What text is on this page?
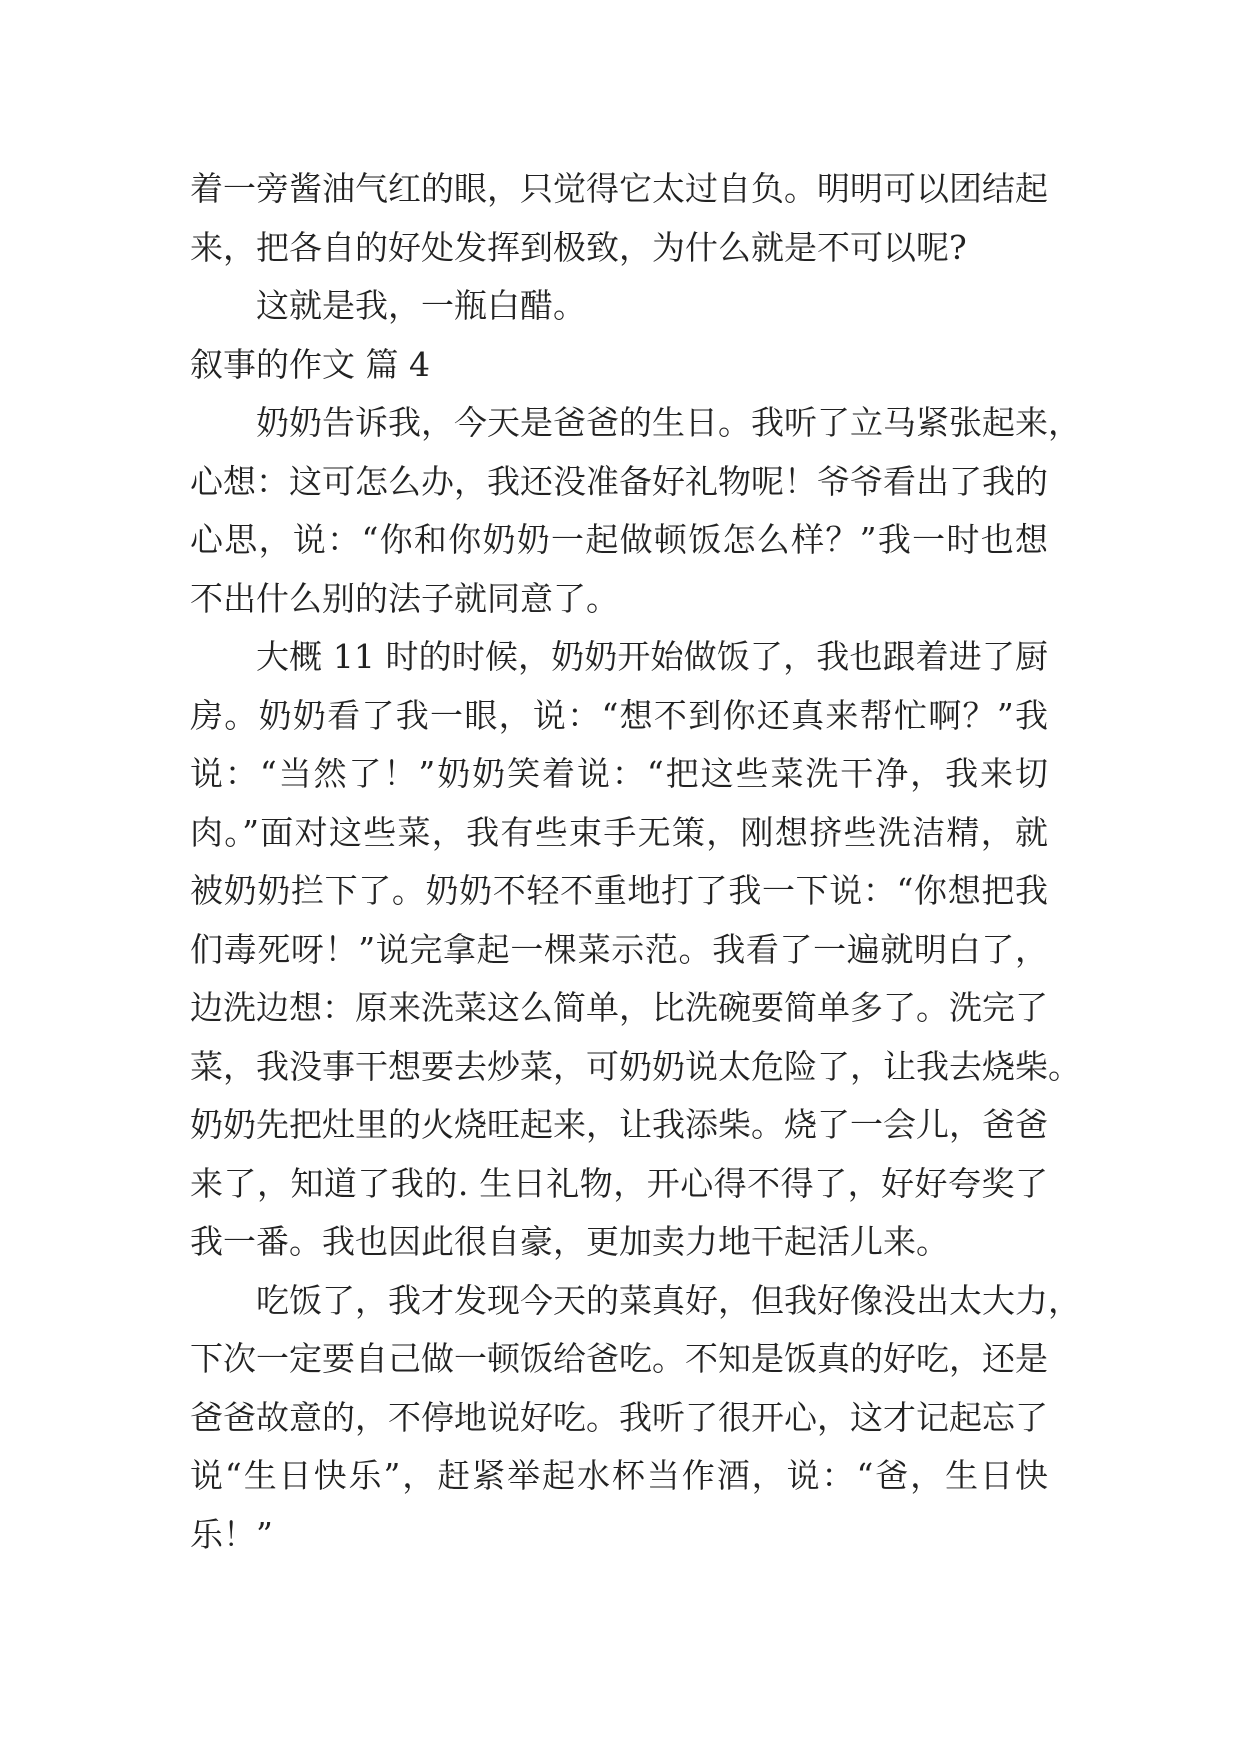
着一旁酱油气红的眼，只觉得它太过自负。明明可以团结起
来，把各自的好处发挥到极致，为什么就是不可以呢?
这就是我，一瓶白醋。
叙事的作文 篇 4
奶奶告诉我，今天是爸爸的生日。我听了立马紧张起来，
心想：这可怎么办，我还没准备好礼物呢！爷爷看出了我的
心思，说：“你和你奶奶一起做顿饭怎么样？”我一时也想
不出什么别的法子就同意了。
大概 11 时的时候，奶奶开始做饭了，我也跟着进了厨
房。奶奶看了我一眼，说：“想不到你还真来帮忙啊？”我
说：“当然了！”奶奶笑着说：“把这些菜洗干净，我来切
肉。”面对这些菜，我有些束手无策，刚想挤些洗洁精，就
被奶奶拦下了。奶奶不轻不重地打了我一下说：“你想把我
们毒死呀！”说完拿起一棵菜示范。我看了一遍就明白了，
边洗边想：原来洗菜这么简单，比洗碗要简单多了。洗完了
菜，我没事干想要去炒菜，可奶奶说太危险了，让我去烧柴。
奶奶先把灶里的火烧旺起来，让我添柴。烧了一会儿，爸爸
来了，知道了我的. 生日礼物，开心得不得了，好好夸奖了
我一番。我也因此很自豪，更加卖力地干起活儿来。
吃饭了，我才发现今天的菜真好，但我好像没出太大力，
下次一定要自己做一顿饭给爸吃。不知是饭真的好吃，还是
爸爸故意的，不停地说好吃。我听了很开心，这才记起忘了
说“生日快乐”，赶紧举起水杯当作酒，说：“爸，生日快
乐！”
